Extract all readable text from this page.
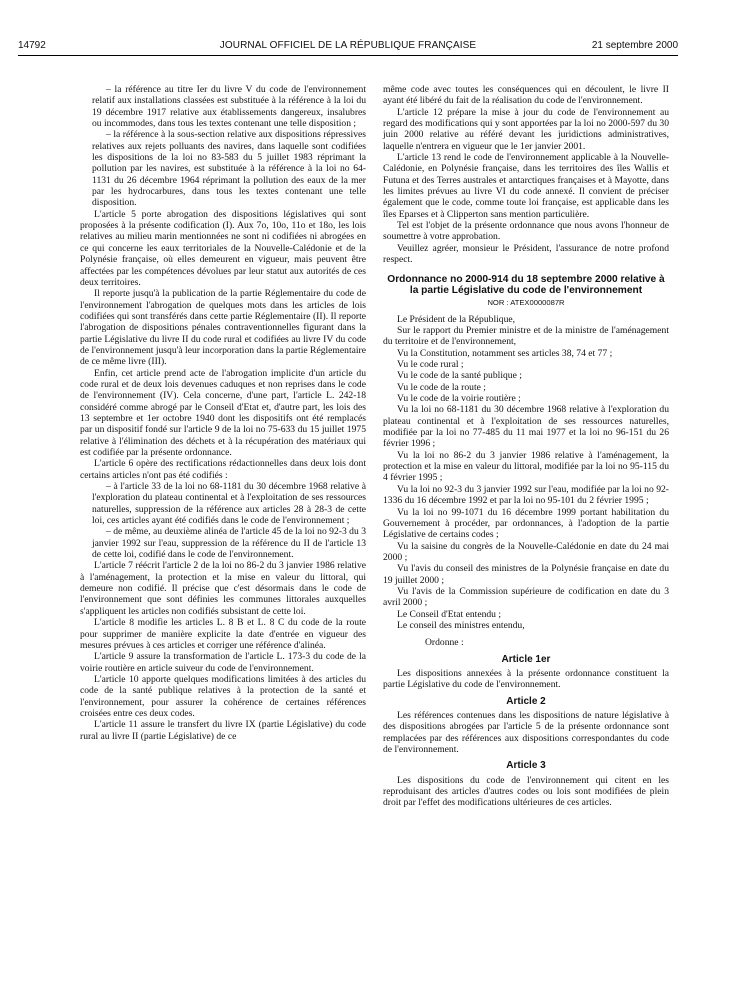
14792	JOURNAL OFFICIEL DE LA RÉPUBLIQUE FRANÇAISE	21 septembre 2000

– la référence au titre Ier du livre V du code de l'environnement relatif aux installations classées est substituée à la référence à la loi du 19 décembre 1917 relative aux établissements dangereux, insalubres ou incommodes, dans tous les textes contenant une telle disposition ;

– la référence à la sous-section relative aux dispositions répressives relatives aux rejets polluants des navires, dans laquelle sont codifiées les dispositions de la loi no 83-583 du 5 juillet 1983 réprimant la pollution par les navires, est substituée à la référence à la loi no 64-1131 du 26 décembre 1964 réprimant la pollution des eaux de la mer par les hydrocarbures, dans tous les textes contenant une telle disposition.

L'article 5 porte abrogation des dispositions législatives qui sont proposées à la présente codification (I). Aux 7o, 10o, 11o et 18o, les lois relatives au milieu marin mentionnées ne sont ni codifiées ni abrogées en ce qui concerne les eaux territoriales de la Nouvelle-Calédonie et de la Polynésie française, où elles demeurent en vigueur, mais peuvent être affectées par les compétences dévolues par leur statut aux autorités de ces deux territoires.

Il reporte jusqu'à la publication de la partie Réglementaire du code de l'environnement l'abrogation de quelques mots dans les articles de lois codifiées qui sont transférés dans cette partie Réglementaire (II). Il reporte l'abrogation de dispositions pénales contraventionnelles figurant dans la partie Législative du livre II du code rural et codifiées au livre IV du code de l'environnement jusqu'à leur incorporation dans la partie Réglementaire de ce même livre (III).

Enfin, cet article prend acte de l'abrogation implicite d'un article du code rural et de deux lois devenues caduques et non reprises dans le code de l'environnement (IV). Cela concerne, d'une part, l'article L. 242-18 considéré comme abrogé par le Conseil d'Etat et, d'autre part, les lois des 13 septembre et 1er octobre 1940 dont les dispositifs ont été remplacés par un dispositif fondé sur l'article 9 de la loi no 75-633 du 15 juillet 1975 relative à l'élimination des déchets et à la récupération des matériaux qui est codifiée par la présente ordonnance.

L'article 6 opère des rectifications rédactionnelles dans deux lois dont certains articles n'ont pas été codifiés :

– à l'article 33 de la loi no 68-1181 du 30 décembre 1968 relative à l'exploration du plateau continental et à l'exploitation de ses ressources naturelles, suppression de la référence aux articles 28 à 28-3 de cette loi, ces articles ayant été codifiés dans le code de l'environnement ;

– de même, au deuxième alinéa de l'article 45 de la loi no 92-3 du 3 janvier 1992 sur l'eau, suppression de la référence du II de l'article 13 de cette loi, codifié dans le code de l'environnement.

L'article 7 réécrit l'article 2 de la loi no 86-2 du 3 janvier 1986 relative à l'aménagement, la protection et la mise en valeur du littoral, qui demeure non codifié. Il précise que c'est désormais dans le code de l'environnement que sont définies les communes littorales auxquelles s'appliquent les articles non codifiés subsistant de cette loi.

L'article 8 modifie les articles L. 8 B et L. 8 C du code de la route pour supprimer de manière explicite la date d'entrée en vigueur des mesures prévues à ces articles et corriger une référence d'alinéa.

L'article 9 assure la transformation de l'article L. 173-3 du code de la voirie routière en article suiveur du code de l'environnement.

L'article 10 apporte quelques modifications limitées à des articles du code de la santé publique relatives à la protection de la santé et l'environnement, pour assurer la cohérence de certaines références croisées entre ces deux codes.

L'article 11 assure le transfert du livre IX (partie Législative) du code rural au livre II (partie Législative) de ce

même code avec toutes les conséquences qui en découlent, le livre II ayant été libéré du fait de la réalisation du code de l'environnement.

L'article 12 prépare la mise à jour du code de l'environnement au regard des modifications qui y sont apportées par la loi no 2000-597 du 30 juin 2000 relative au référé devant les juridictions administratives, laquelle n'entrera en vigueur que le 1er janvier 2001.

L'article 13 rend le code de l'environnement applicable à la Nouvelle-Calédonie, en Polynésie française, dans les territoires des îles Wallis et Futuna et des Terres australes et antarctiques françaises et à Mayotte, dans les limites prévues au livre VI du code annexé. Il convient de préciser également que le code, comme toute loi française, est applicable dans les îles Eparses et à Clipperton sans mention particulière.

Tel est l'objet de la présente ordonnance que nous avons l'honneur de soumettre à votre approbation.

Veuillez agréer, monsieur le Président, l'assurance de notre profond respect.

Ordonnance no 2000-914 du 18 septembre 2000 relative à la partie Législative du code de l'environnement
NOR : ATEX0000087R

Le Président de la République,

Sur le rapport du Premier ministre et de la ministre de l'aménagement du territoire et de l'environnement,

Vu la Constitution, notamment ses articles 38, 74 et 77 ;

Vu le code rural ;

Vu le code de la santé publique ;

Vu le code de la route ;

Vu le code de la voirie routière ;

Vu la loi no 68-1181 du 30 décembre 1968 relative à l'exploration du plateau continental et à l'exploitation de ses ressources naturelles, modifiée par la loi no 77-485 du 11 mai 1977 et la loi no 96-151 du 26 février 1996 ;

Vu la loi no 86-2 du 3 janvier 1986 relative à l'aménagement, la protection et la mise en valeur du littoral, modifiée par la loi no 95-115 du 4 février 1995 ;

Vu la loi no 92-3 du 3 janvier 1992 sur l'eau, modifiée par la loi no 92-1336 du 16 décembre 1992 et par la loi no 95-101 du 2 février 1995 ;

Vu la loi no 99-1071 du 16 décembre 1999 portant habilitation du Gouvernement à procéder, par ordonnances, à l'adoption de la partie Législative de certains codes ;

Vu la saisine du congrès de la Nouvelle-Calédonie en date du 24 mai 2000 ;

Vu l'avis du conseil des ministres de la Polynésie française en date du 19 juillet 2000 ;

Vu l'avis de la Commission supérieure de codification en date du 3 avril 2000 ;

Le Conseil d'Etat entendu ;

Le conseil des ministres entendu,

Ordonne :

Article 1er

Les dispositions annexées à la présente ordonnance constituent la partie Législative du code de l'environnement.

Article 2

Les références contenues dans les dispositions de nature législative à des dispositions abrogées par l'article 5 de la présente ordonnance sont remplacées par des références aux dispositions correspondantes du code de l'environnement.

Article 3

Les dispositions du code de l'environnement qui citent en les reproduisant des articles d'autres codes ou lois sont modifiées de plein droit par l'effet des modifications ultérieures de ces articles.
